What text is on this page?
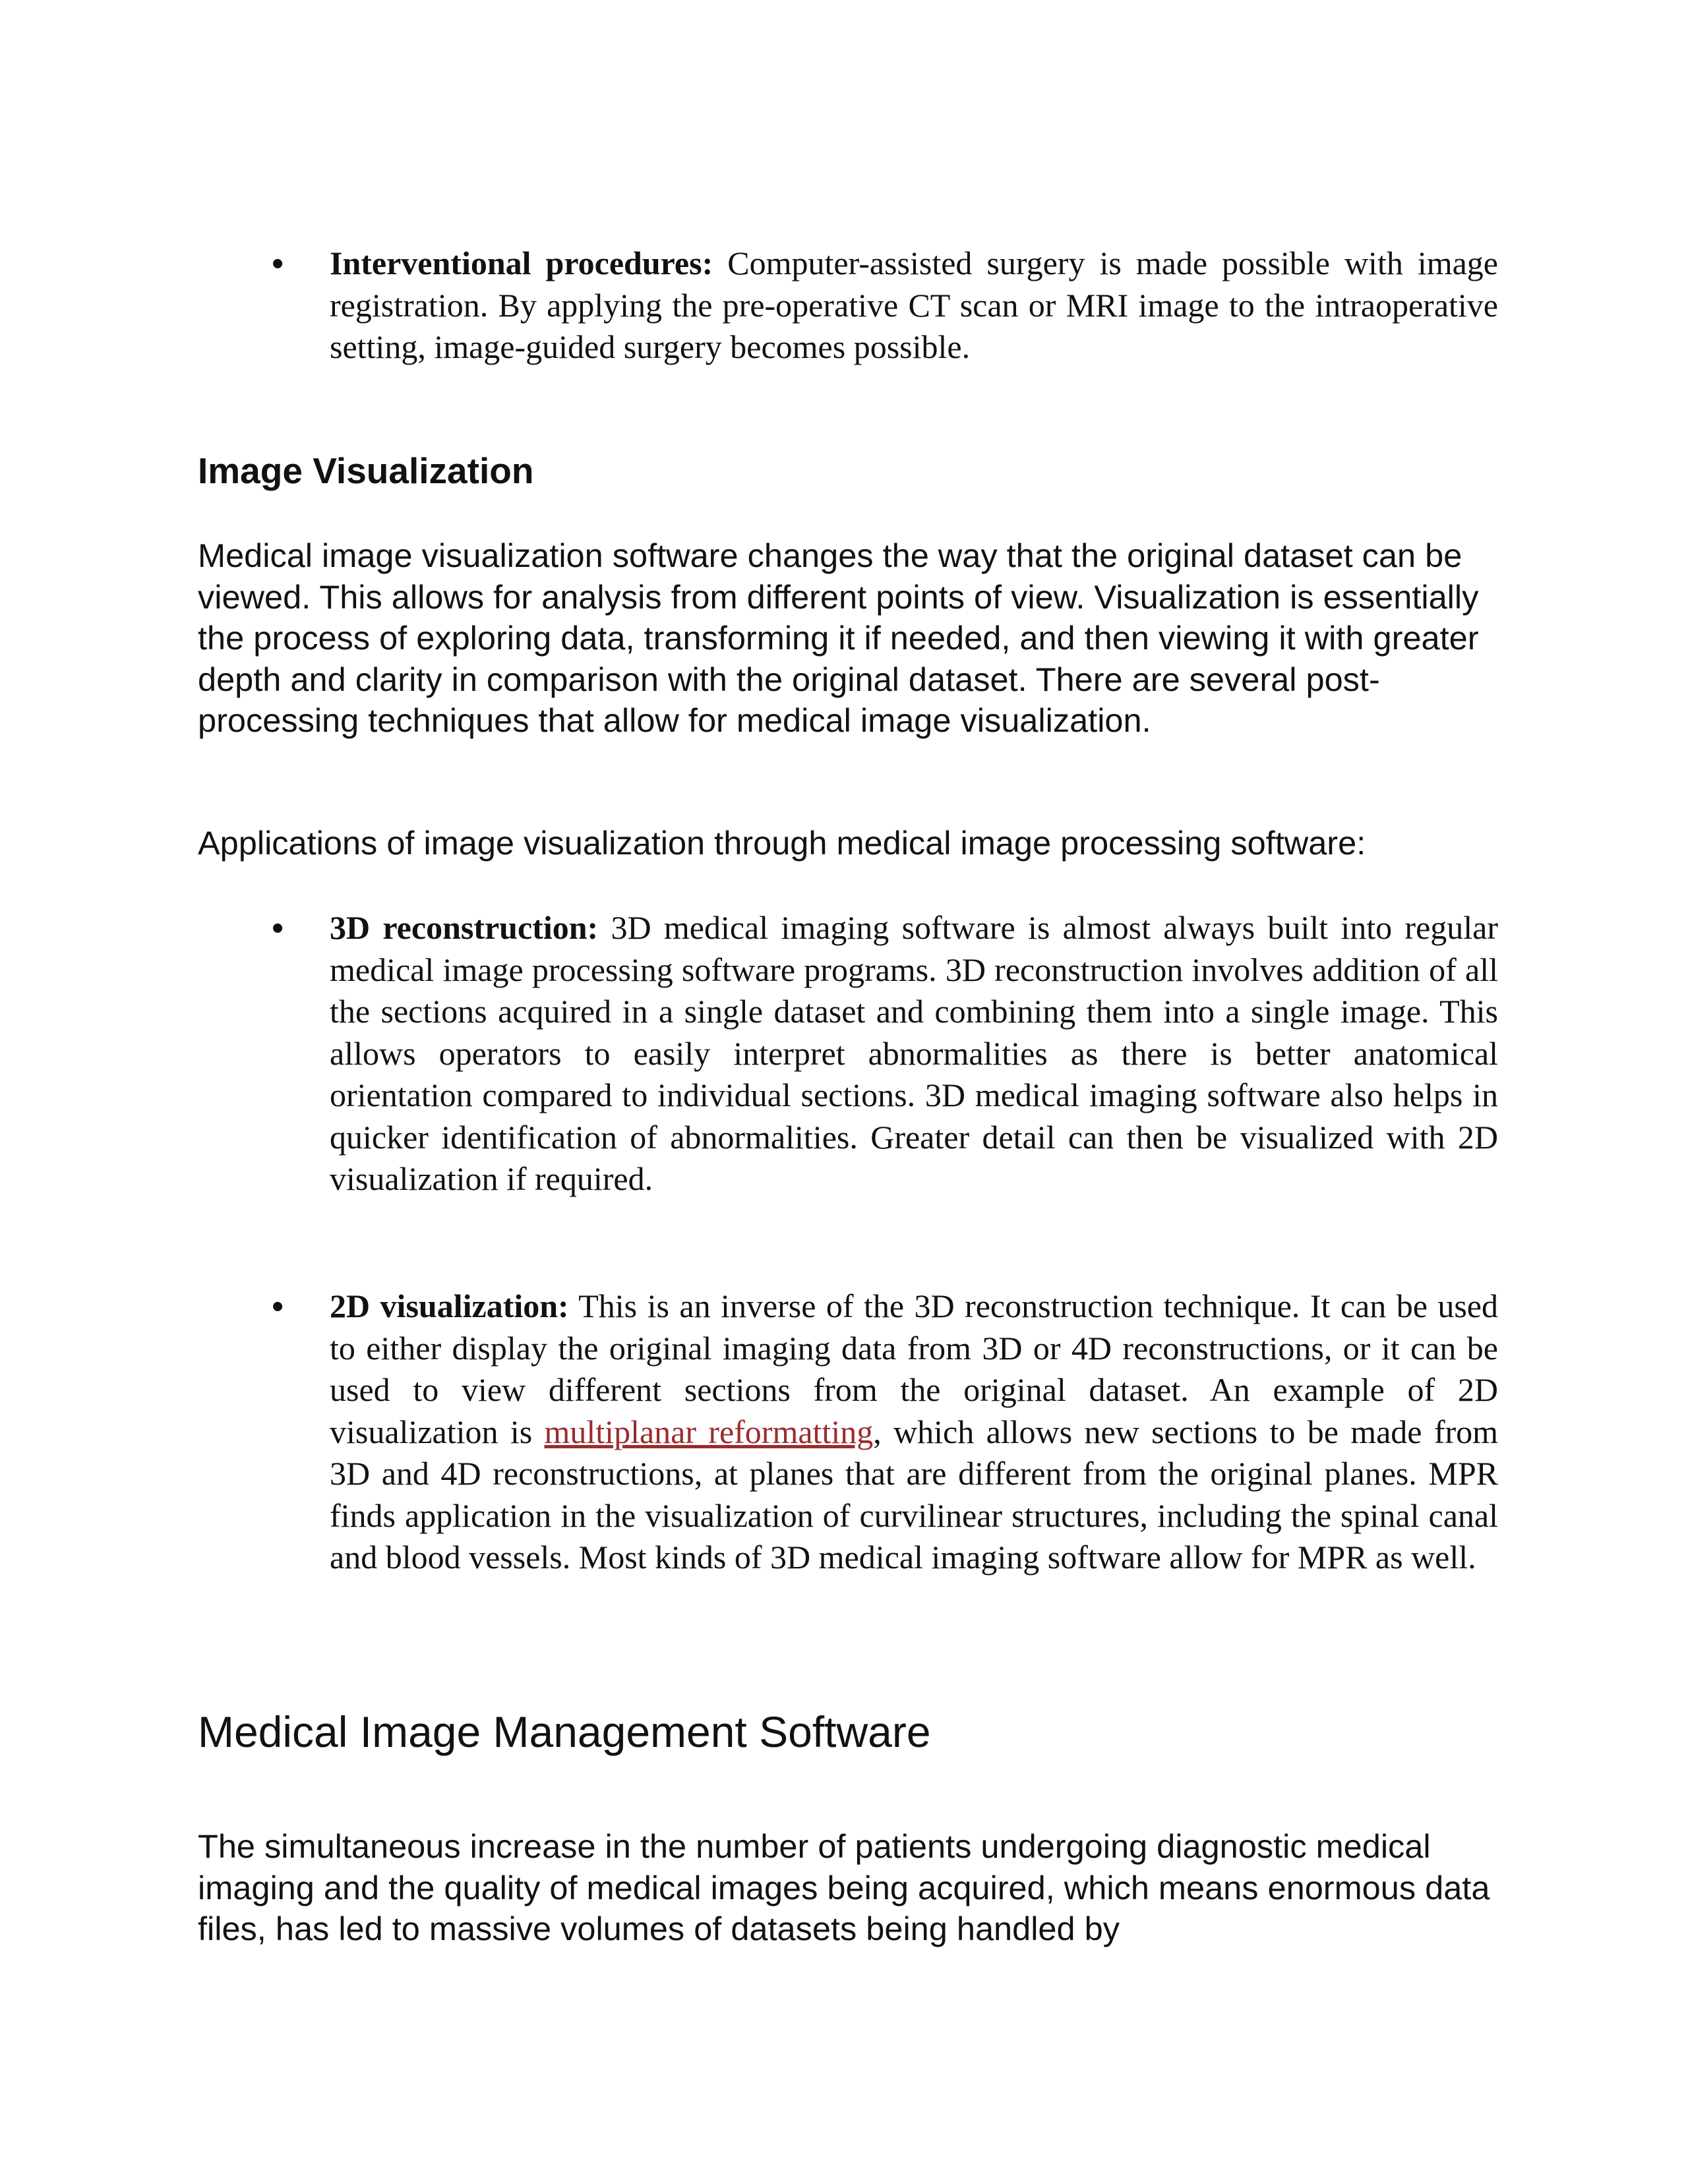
• Interventional procedures: Computer-assisted surgery is made possible with image registration. By applying the pre-operative CT scan or MRI image to the intraoperative setting, image-guided surgery becomes possible.
Image Visualization
Medical image visualization software changes the way that the original dataset can be viewed. This allows for analysis from different points of view. Visualization is essentially the process of exploring data, transforming it if needed, and then viewing it with greater depth and clarity in comparison with the original dataset. There are several post-processing techniques that allow for medical image visualization.
Applications of image visualization through medical image processing software:
• 3D reconstruction: 3D medical imaging software is almost always built into regular medical image processing software programs. 3D reconstruction involves addition of all the sections acquired in a single dataset and combining them into a single image. This allows operators to easily interpret abnormalities as there is better anatomical orientation compared to individual sections. 3D medical imaging software also helps in quicker identification of abnormalities. Greater detail can then be visualized with 2D visualization if required.
• 2D visualization: This is an inverse of the 3D reconstruction technique. It can be used to either display the original imaging data from 3D or 4D reconstructions, or it can be used to view different sections from the original dataset. An example of 2D visualization is multiplanar reformatting, which allows new sections to be made from 3D and 4D reconstructions, at planes that are different from the original planes. MPR finds application in the visualization of curvilinear structures, including the spinal canal and blood vessels. Most kinds of 3D medical imaging software allow for MPR as well.
Medical Image Management Software
The simultaneous increase in the number of patients undergoing diagnostic medical imaging and the quality of medical images being acquired, which means enormous data files, has led to massive volumes of datasets being handled by
